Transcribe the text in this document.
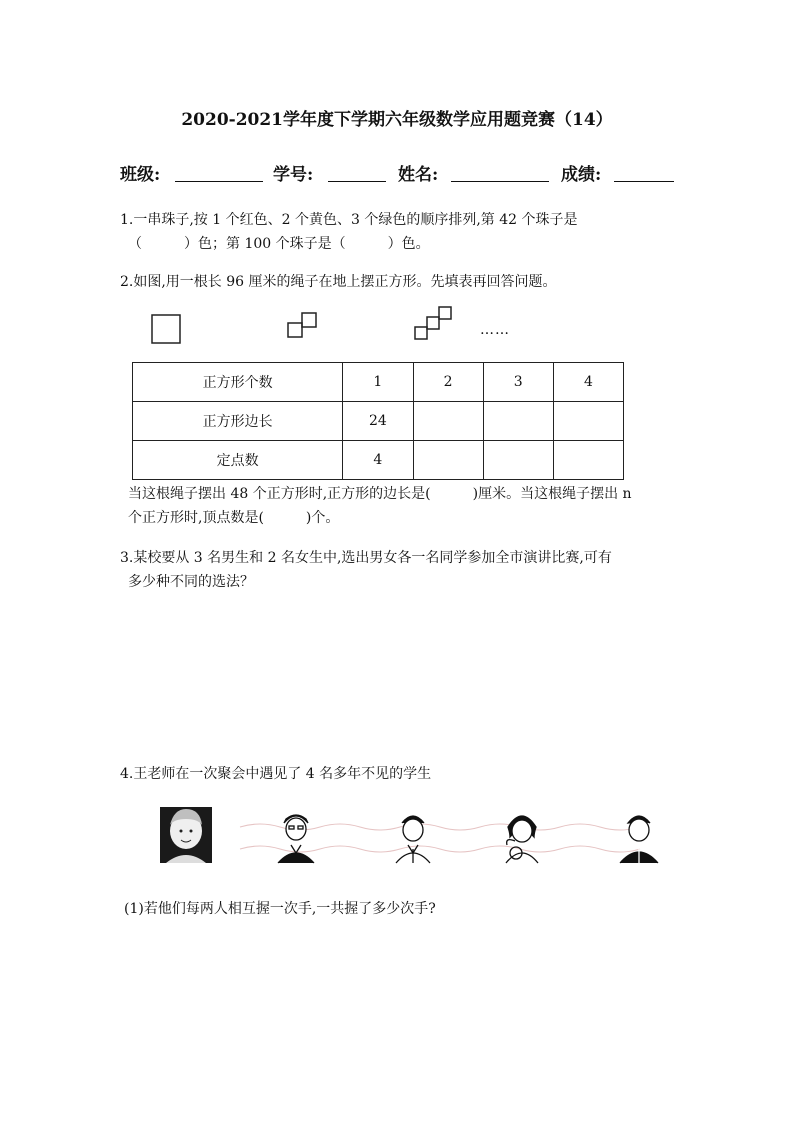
2020-2021学年度下学期六年级数学应用题竞赛（14）
班级:	学号:	姓名:	成绩:
1.一串珠子,按 1 个红色、2 个黄色、3 个绿色的顺序排列,第 42 个珠子是
（　　　）色；第 100 个珠子是（　　　）色。
2.如图,用一根长 96 厘米的绳子在地上摆正方形。先填表再回答问题。
……
正方形个数	1	2	3	4
正方形边长	24			
定点数	4			
当这根绳子摆出 48 个正方形时,正方形的边长是(　　　)厘米。当这根绳子摆出 n
个正方形时,顶点数是(　　　)个。
3.某校要从 3 名男生和 2 名女生中,选出男女各一名同学参加全市演讲比赛,可有
多少种不同的选法？
4.王老师在一次聚会中遇见了 4 名多年不见的学生
(1)若他们每两人相互握一次手,一共握了多少次手?
